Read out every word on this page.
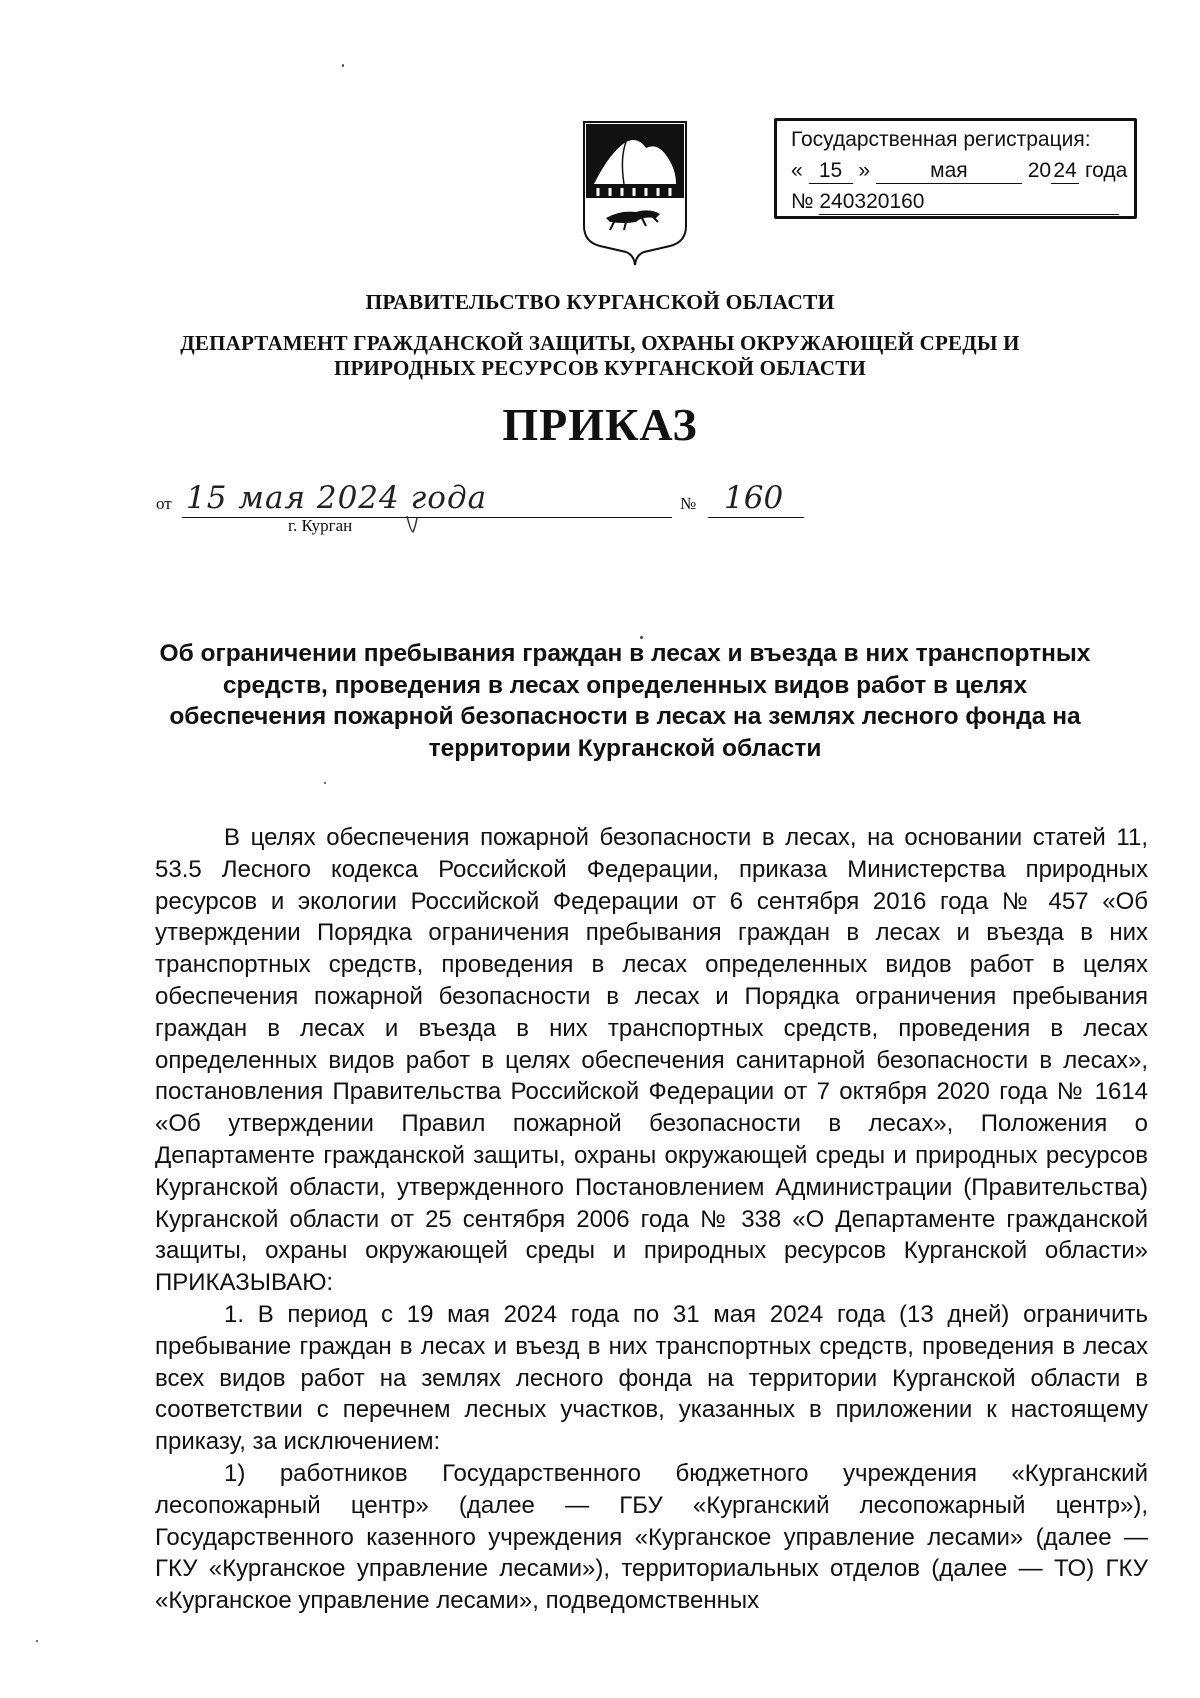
Государственная регистрация:
« 15 »	мая	20 24 года
№ 240320160
ПРАВИТЕЛЬСТВО КУРГАНСКОЙ ОБЛАСТИ
ДЕПАРТАМЕНТ ГРАЖДАНСКОЙ ЗАЩИТЫ, ОХРАНЫ ОКРУЖАЮЩЕЙ СРЕДЫ И
ПРИРОДНЫХ РЕСУРСОВ КУРГАНСКОЙ ОБЛАСТИ
ПРИКАЗ
от 15 мая 2024 года	№ 160
г. Курган
Об ограничении пребывания граждан в лесах и въезда в них транспортных
средств, проведения в лесах определенных видов работ в целях
обеспечения пожарной безопасности в лесах на землях лесного фонда на
территории Курганской области

В целях обеспечения пожарной безопасности в лесах, на основании статей 11, 53.5 Лесного кодекса Российской Федерации, приказа Министерства природных ресурсов и экологии Российской Федерации от 6 сентября 2016 года № 457 «Об утверждении Порядка ограничения пребывания граждан в лесах и въезда в них транспортных средств, проведения в лесах определенных видов работ в целях обеспечения пожарной безопасности в лесах и Порядка ограничения пребывания граждан в лесах и въезда в них транспортных средств, проведения в лесах определенных видов работ в целях обеспечения санитарной безопасности в лесах», постановления Правительства Российской Федерации от 7 октября 2020 года № 1614 «Об утверждении Правил пожарной безопасности в лесах», Положения о Департаменте гражданской защиты, охраны окружающей среды и природных ресурсов Курганской области, утвержденного Постановлением Администрации (Правительства) Курганской области от 25 сентября 2006 года № 338 «О Департаменте гражданской защиты, охраны окружающей среды и природных ресурсов Курганской области» ПРИКАЗЫВАЮ:

1. В период с 19 мая 2024 года по 31 мая 2024 года (13 дней) ограничить пребывание граждан в лесах и въезд в них транспортных средств, проведения в лесах всех видов работ на землях лесного фонда на территории Курганской области в соответствии с перечнем лесных участков, указанных в приложении к настоящему приказу, за исключением:

1) работников Государственного бюджетного учреждения «Курганский лесопожарный центр» (далее — ГБУ «Курганский лесопожарный центр»), Государственного казенного учреждения «Курганское управление лесами» (далее — ГКУ «Курганское управление лесами»), территориальных отделов (далее — ТО) ГКУ «Курганское управление лесами», подведомственных
